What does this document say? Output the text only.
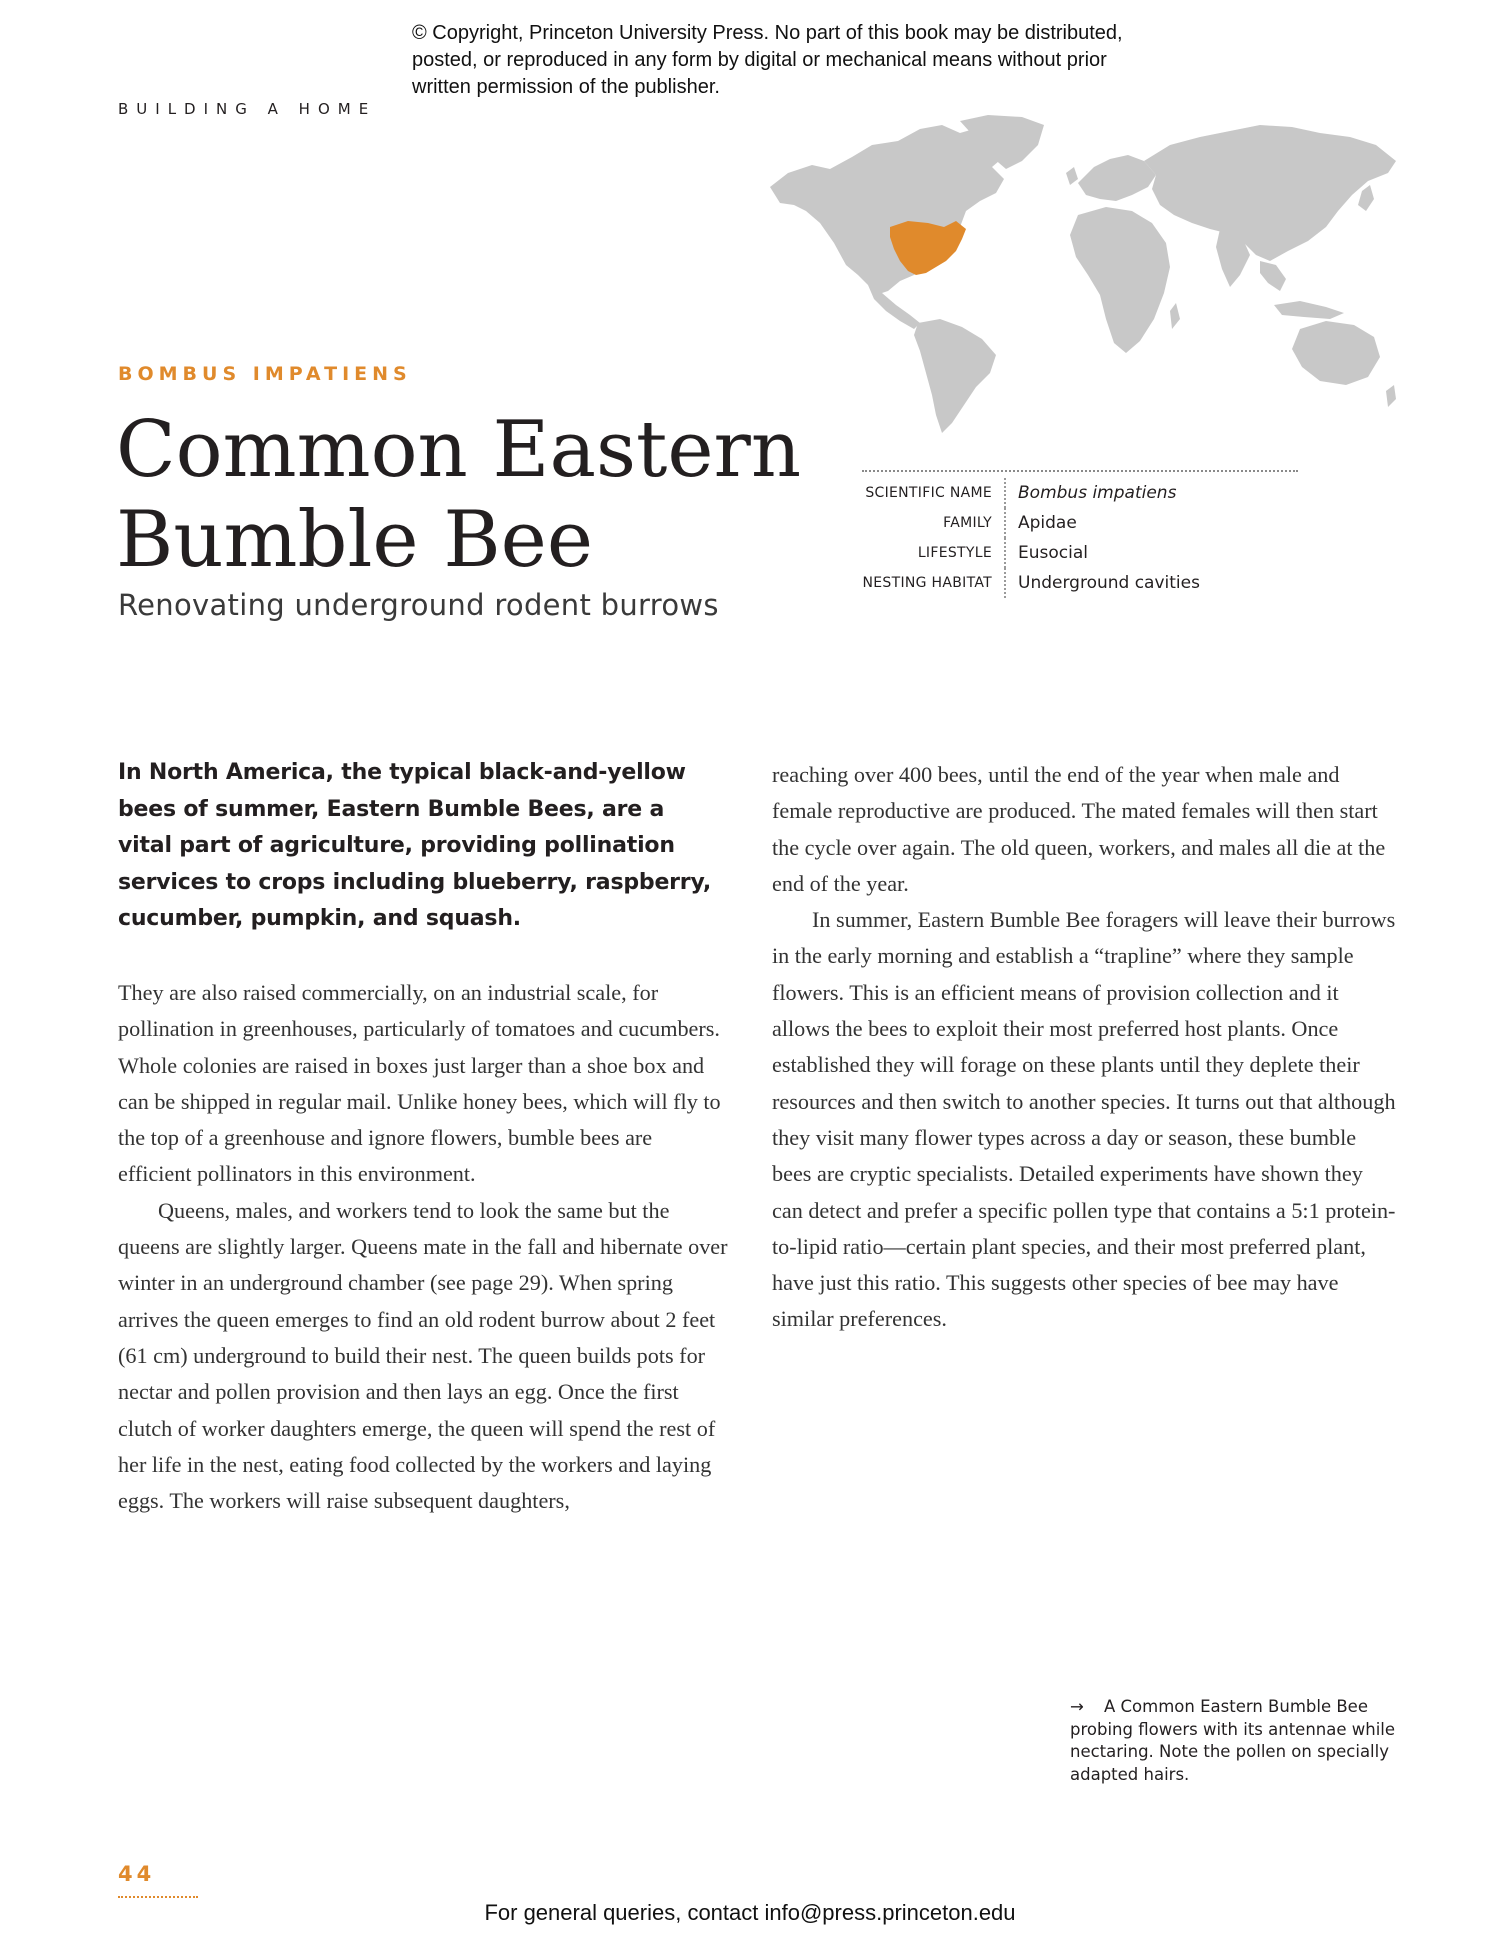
© Copyright, Princeton University Press. No part of this book may be distributed, posted, or reproduced in any form by digital or mechanical means without prior written permission of the publisher.
BUILDING A HOME
BOMBUS IMPATIENS
Common Eastern
Bumble Bee
Renovating underground rodent burrows
SCIENTIFIC NAME	Bombus impatiens
FAMILY	Apidae
LIFESTYLE	Eusocial
NESTING HABITAT	Underground cavities
In North America, the typical black-and-yellow bees of summer, Eastern Bumble Bees, are a vital part of agriculture, providing pollination services to crops including blueberry, raspberry, cucumber, pumpkin, and squash.

They are also raised commercially, on an industrial scale, for pollination in greenhouses, particularly of tomatoes and cucumbers. Whole colonies are raised in boxes just larger than a shoe box and can be shipped in regular mail. Unlike honey bees, which will fly to the top of a greenhouse and ignore flowers, bumble bees are efficient pollinators in this environment.

Queens, males, and workers tend to look the same but the queens are slightly larger. Queens mate in the fall and hibernate over winter in an underground chamber (see page 29). When spring arrives the queen emerges to find an old rodent burrow about 2 feet (61 cm) underground to build their nest. The queen builds pots for nectar and pollen provision and then lays an egg. Once the first clutch of worker daughters emerge, the queen will spend the rest of her life in the nest, eating food collected by the workers and laying eggs. The workers will raise subsequent daughters,

reaching over 400 bees, until the end of the year when male and female reproductive are produced. The mated females will then start the cycle over again. The old queen, workers, and males all die at the end of the year.

In summer, Eastern Bumble Bee foragers will leave their burrows in the early morning and establish a “trapline” where they sample flowers. This is an efficient means of provision collection and it allows the bees to exploit their most preferred host plants. Once established they will forage on these plants until they deplete their resources and then switch to another species. It turns out that although they visit many flower types across a day or season, these bumble bees are cryptic specialists. Detailed experiments have shown they can detect and prefer a specific pollen type that contains a 5:1 protein-to-lipid ratio—certain plant species, and their most preferred plant, have just this ratio. This suggests other species of bee may have similar preferences.

→ A Common Eastern Bumble Bee probing flowers with its antennae while nectaring. Note the pollen on specially adapted hairs.
44
For general queries, contact info@press.princeton.edu
